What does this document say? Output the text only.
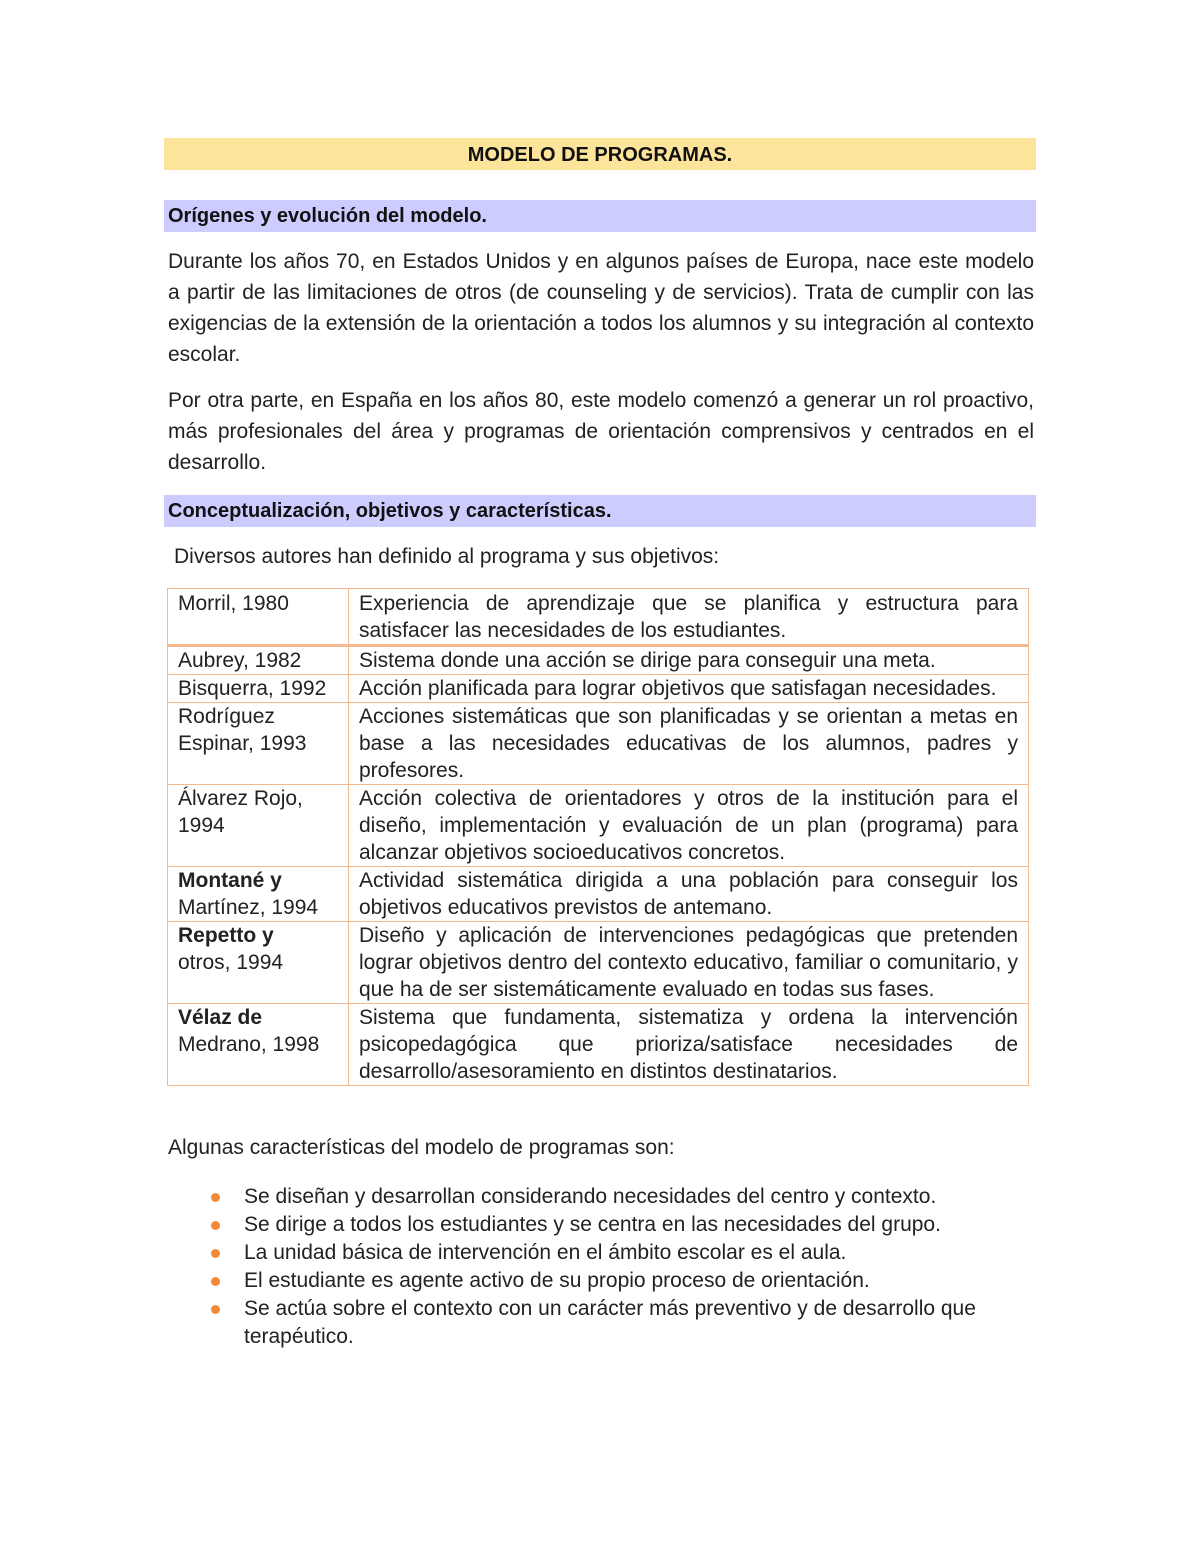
MODELO DE PROGRAMAS.
Orígenes y evolución del modelo.

Durante los años 70, en Estados Unidos y en algunos países de Europa, nace este modelo a partir de las limitaciones de otros (de counseling y de servicios). Trata de cumplir con las exigencias de la extensión de la orientación a todos los alumnos y su integración al contexto escolar.

Por otra parte, en España en los años 80, este modelo comenzó a generar un rol proactivo, más profesionales del área y programas de orientación comprensivos y centrados en el desarrollo.

Conceptualización, objetivos y características.
Diversos autores han definido al programa y sus objetivos:
Morril, 1980	Experiencia de aprendizaje que se planifica y estructura para satisfacer las necesidades de los estudiantes.
Aubrey, 1982	Sistema donde una acción se dirige para conseguir una meta.
Bisquerra, 1992	Acción planificada para lograr objetivos que satisfagan necesidades.
Rodríguez Espinar, 1993	Acciones sistemáticas que son planificadas y se orientan a metas en base a las necesidades educativas de los alumnos, padres y profesores.
Álvarez Rojo, 1994	Acción colectiva de orientadores y otros de la institución para el diseño, implementación y evaluación de un plan (programa) para alcanzar objetivos socioeducativos concretos.
Montané y
Martínez, 1994	Actividad sistemática dirigida a una población para conseguir los objetivos educativos previstos de antemano.
Repetto y
otros, 1994	Diseño y aplicación de intervenciones pedagógicas que pretenden lograr objetivos dentro del contexto educativo, familiar o comunitario, y que ha de ser sistemáticamente evaluado en todas sus fases.
Vélaz de
Medrano, 1998	Sistema que fundamenta, sistematiza y ordena la intervención psicopedagógica que prioriza/satisface necesidades de desarrollo/asesoramiento en distintos destinatarios.
Algunas características del modelo de programas son:
Se diseñan y desarrollan considerando necesidades del centro y contexto.
Se dirige a todos los estudiantes y se centra en las necesidades del grupo.
La unidad básica de intervención en el ámbito escolar es el aula.
El estudiante es agente activo de su propio proceso de orientación.
Se actúa sobre el contexto con un carácter más preventivo y de desarrollo que terapéutico.
